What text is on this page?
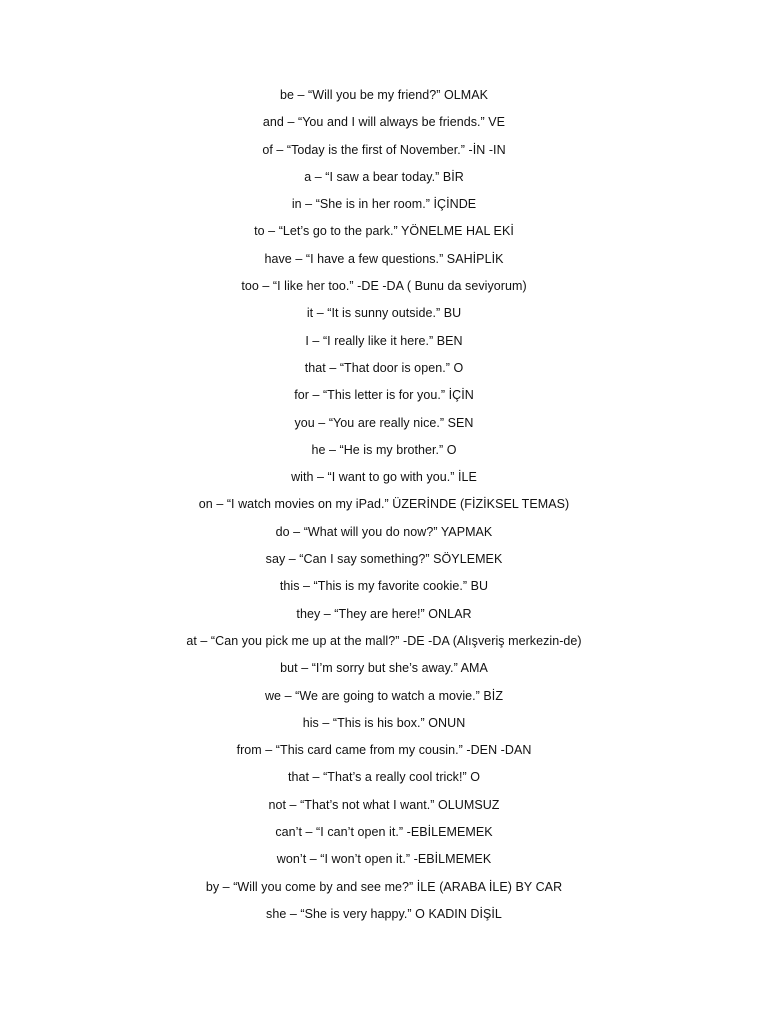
be – “Will you be my friend?” OLMAK
and – “You and I will always be friends.” VE
of – “Today is the first of November.” -İN -IN
a – “I saw a bear today.” BİR
in – “She is in her room.” İÇİNDE
to – “Let’s go to the park.” YÖNELME HAL EKİ
have – “I have a few questions.” SAHİPLİK
too – “I like her too.” -DE -DA ( Bunu da seviyorum)
it – “It is sunny outside.” BU
I – “I really like it here.” BEN
that – “That door is open.” O
for – “This letter is for you.” İÇİN
you – “You are really nice.” SEN
he – “He is my brother.” O
with – “I want to go with you.” İLE
on – “I watch movies on my iPad.” ÜZERİNDE (FİZİKSEL TEMAS)
do – “What will you do now?” YAPMAK
say – “Can I say something?” SÖYLEMEK
this – “This is my favorite cookie.” BU
they – “They are here!” ONLAR
at – “Can you pick me up at the mall?” -DE -DA (Alışveriş merkezin-de)
but – “I’m sorry but she’s away.” AMA
we – “We are going to watch a movie.” BİZ
his – “This is his box.” ONUN
from – “This card came from my cousin.” -DEN -DAN
that – “That’s a really cool trick!” O
not – “That’s not what I want.” OLUMSUZ
can’t – “I can’t open it.” -EBİLEMEMEK
won’t – “I won’t open it.” -EBİLMEMEK
by – “Will you come by and see me?” İLE (ARABA İLE) BY CAR
she – “She is very happy.” O KADIN DİŞİL
